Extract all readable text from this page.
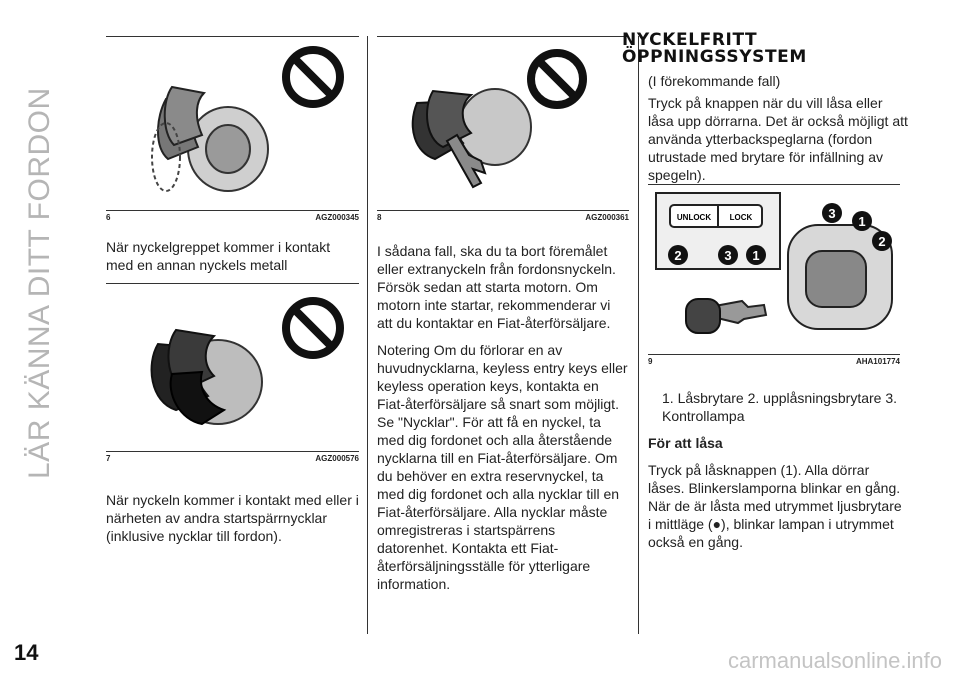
LÄR KÄNNA DITT FORDON	6	AGZ000345

När nyckelgreppet kommer i kontakt med en annan nyckels metall

7	AGZ000576

När nyckeln kommer i kontakt med eller i närheten av andra startspärrnycklar (inklusive nycklar till fordon).

8	AGZ000361

I sådana fall, ska du ta bort föremålet eller extranyckeln från fordonsnyckeln. Försök sedan att starta motorn. Om motorn inte startar, rekommenderar vi att du kontaktar en Fiat-återförsäljare.

Notering Om du förlorar en av huvudnycklarna, keyless entry keys eller keyless operation keys, kontakta en Fiat-återförsäljare så snart som möjligt. Se "Nycklar". För att få en nyckel, ta med dig fordonet och alla återstående nycklarna till en Fiat-återförsäljare. Om du behöver en extra reservnyckel, ta med dig fordonet och alla nycklar till en Fiat-återförsäljare. Alla nycklar måste omregistreras i startspärrens datorenhet. Kontakta ett Fiat-återförsäljningsställe för ytterligare information.

NYCKELFRITT
ÖPPNINGSSYSTEM

(I förekommande fall)

Tryck på knappen när du vill låsa eller låsa upp dörrarna. Det är också möjligt att använda ytterbackspeglarna (fordon utrustade med brytare för infällning av spegeln).

UNLOCK LOCK
2	3 1
3
1
2
9	AHA101774

1. Låsbrytare 2. upplåsningsbrytare 3. Kontrollampa

För att låsa

Tryck på låsknappen (1). Alla dörrar låses. Blinkerslamporna blinkar en gång. När de är låsta med utrymmet ljusbrytare i mittläge (●), blinkar lampan i utrymmet också en gång.

14	carmanualsonline.info
